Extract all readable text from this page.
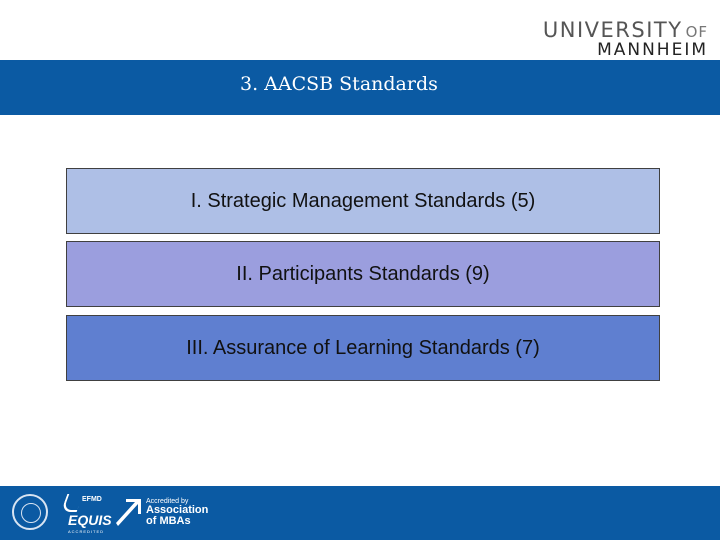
UNIVERSITY OF
MANNHEIM
3. AACSB Standards
I. Strategic Management Standards (5)
II. Participants Standards (9)
III. Assurance of Learning Standards (7)
EFMD
EQUIS
ACCREDITED
Accredited by
Association
of MBAs
